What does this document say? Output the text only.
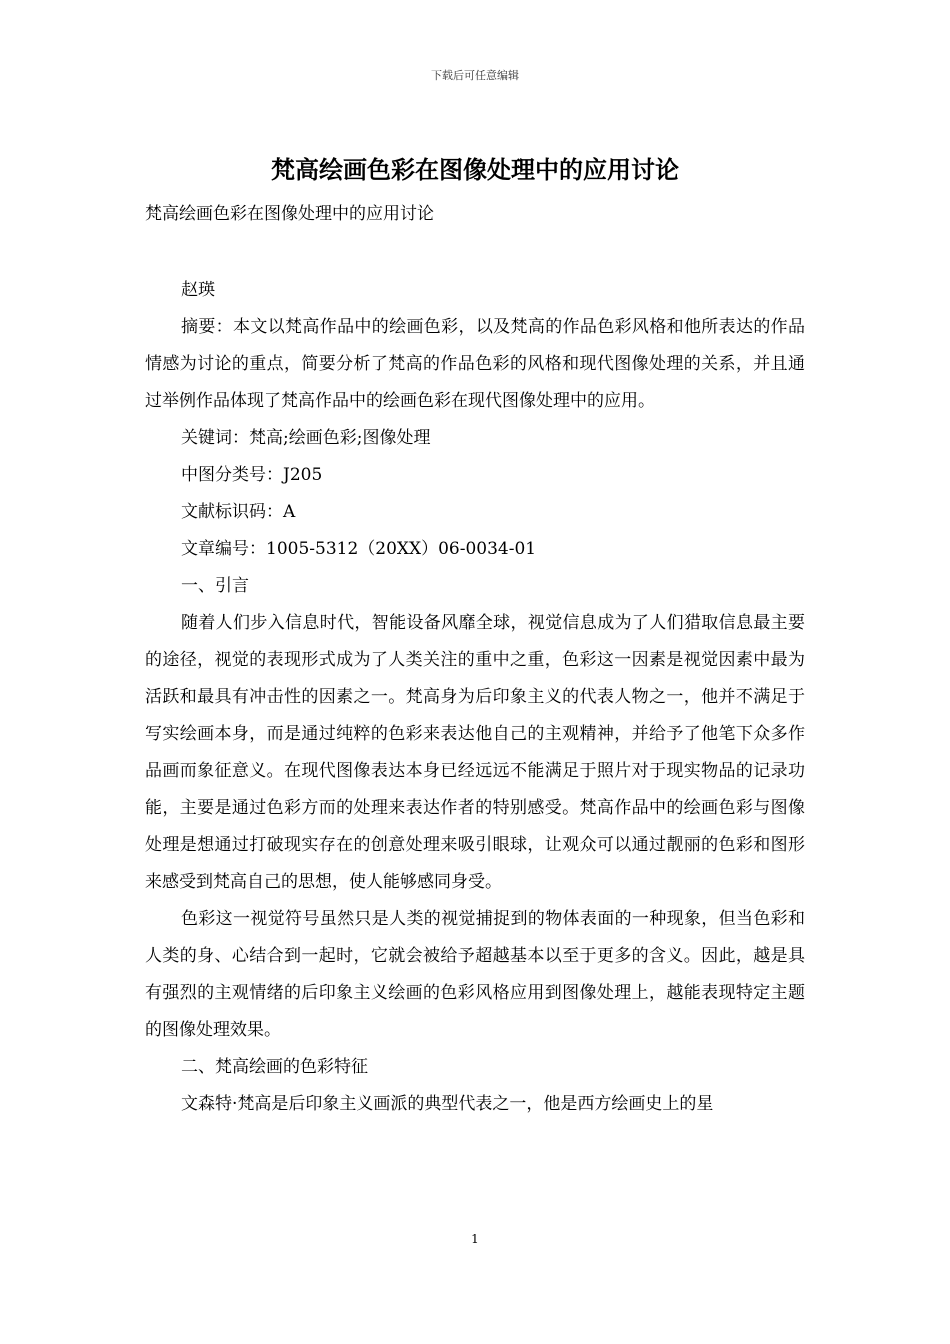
下载后可任意编辑
梵高绘画色彩在图像处理中的应用讨论

梵高绘画色彩在图像处理中的应用讨论

赵瑛

摘要：本文以梵高作品中的绘画色彩，以及梵高的作品色彩风格和他所表达的作品情感为讨论的重点，简要分析了梵高的作品色彩的风格和现代图像处理的关系，并且通过举例作品体现了梵高作品中的绘画色彩在现代图像处理中的应用。

关键词：梵高;绘画色彩;图像处理

中图分类号：J205

文献标识码：A

文章编号：1005-5312（20XX）06-0034-01

一、引言

随着人们步入信息时代，智能设备风靡全球，视觉信息成为了人们猎取信息最主要的途径，视觉的表现形式成为了人类关注的重中之重，色彩这一因素是视觉因素中最为活跃和最具有冲击性的因素之一。梵高身为后印象主义的代表人物之一，他并不满足于写实绘画本身，而是通过纯粹的色彩来表达他自己的主观精神，并给予了他笔下众多作品画而象征意义。在现代图像表达本身已经远远不能满足于照片对于现实物品的记录功能，主要是通过色彩方而的处理来表达作者的特别感受。梵高作品中的绘画色彩与图像处理是想通过打破现实存在的创意处理来吸引眼球，让观众可以通过靓丽的色彩和图形来感受到梵高自己的思想，使人能够感同身受。

色彩这一视觉符号虽然只是人类的视觉捕捉到的物体表面的一种现象，但当色彩和人类的身、心结合到一起时，它就会被给予超越基本以至于更多的含义。因此，越是具有强烈的主观情绪的后印象主义绘画的色彩风格应用到图像处理上，越能表现特定主题的图像处理效果。

二、梵高绘画的色彩特征

文森特·梵高是后印象主义画派的典型代表之一，他是西方绘画史上的星

1
